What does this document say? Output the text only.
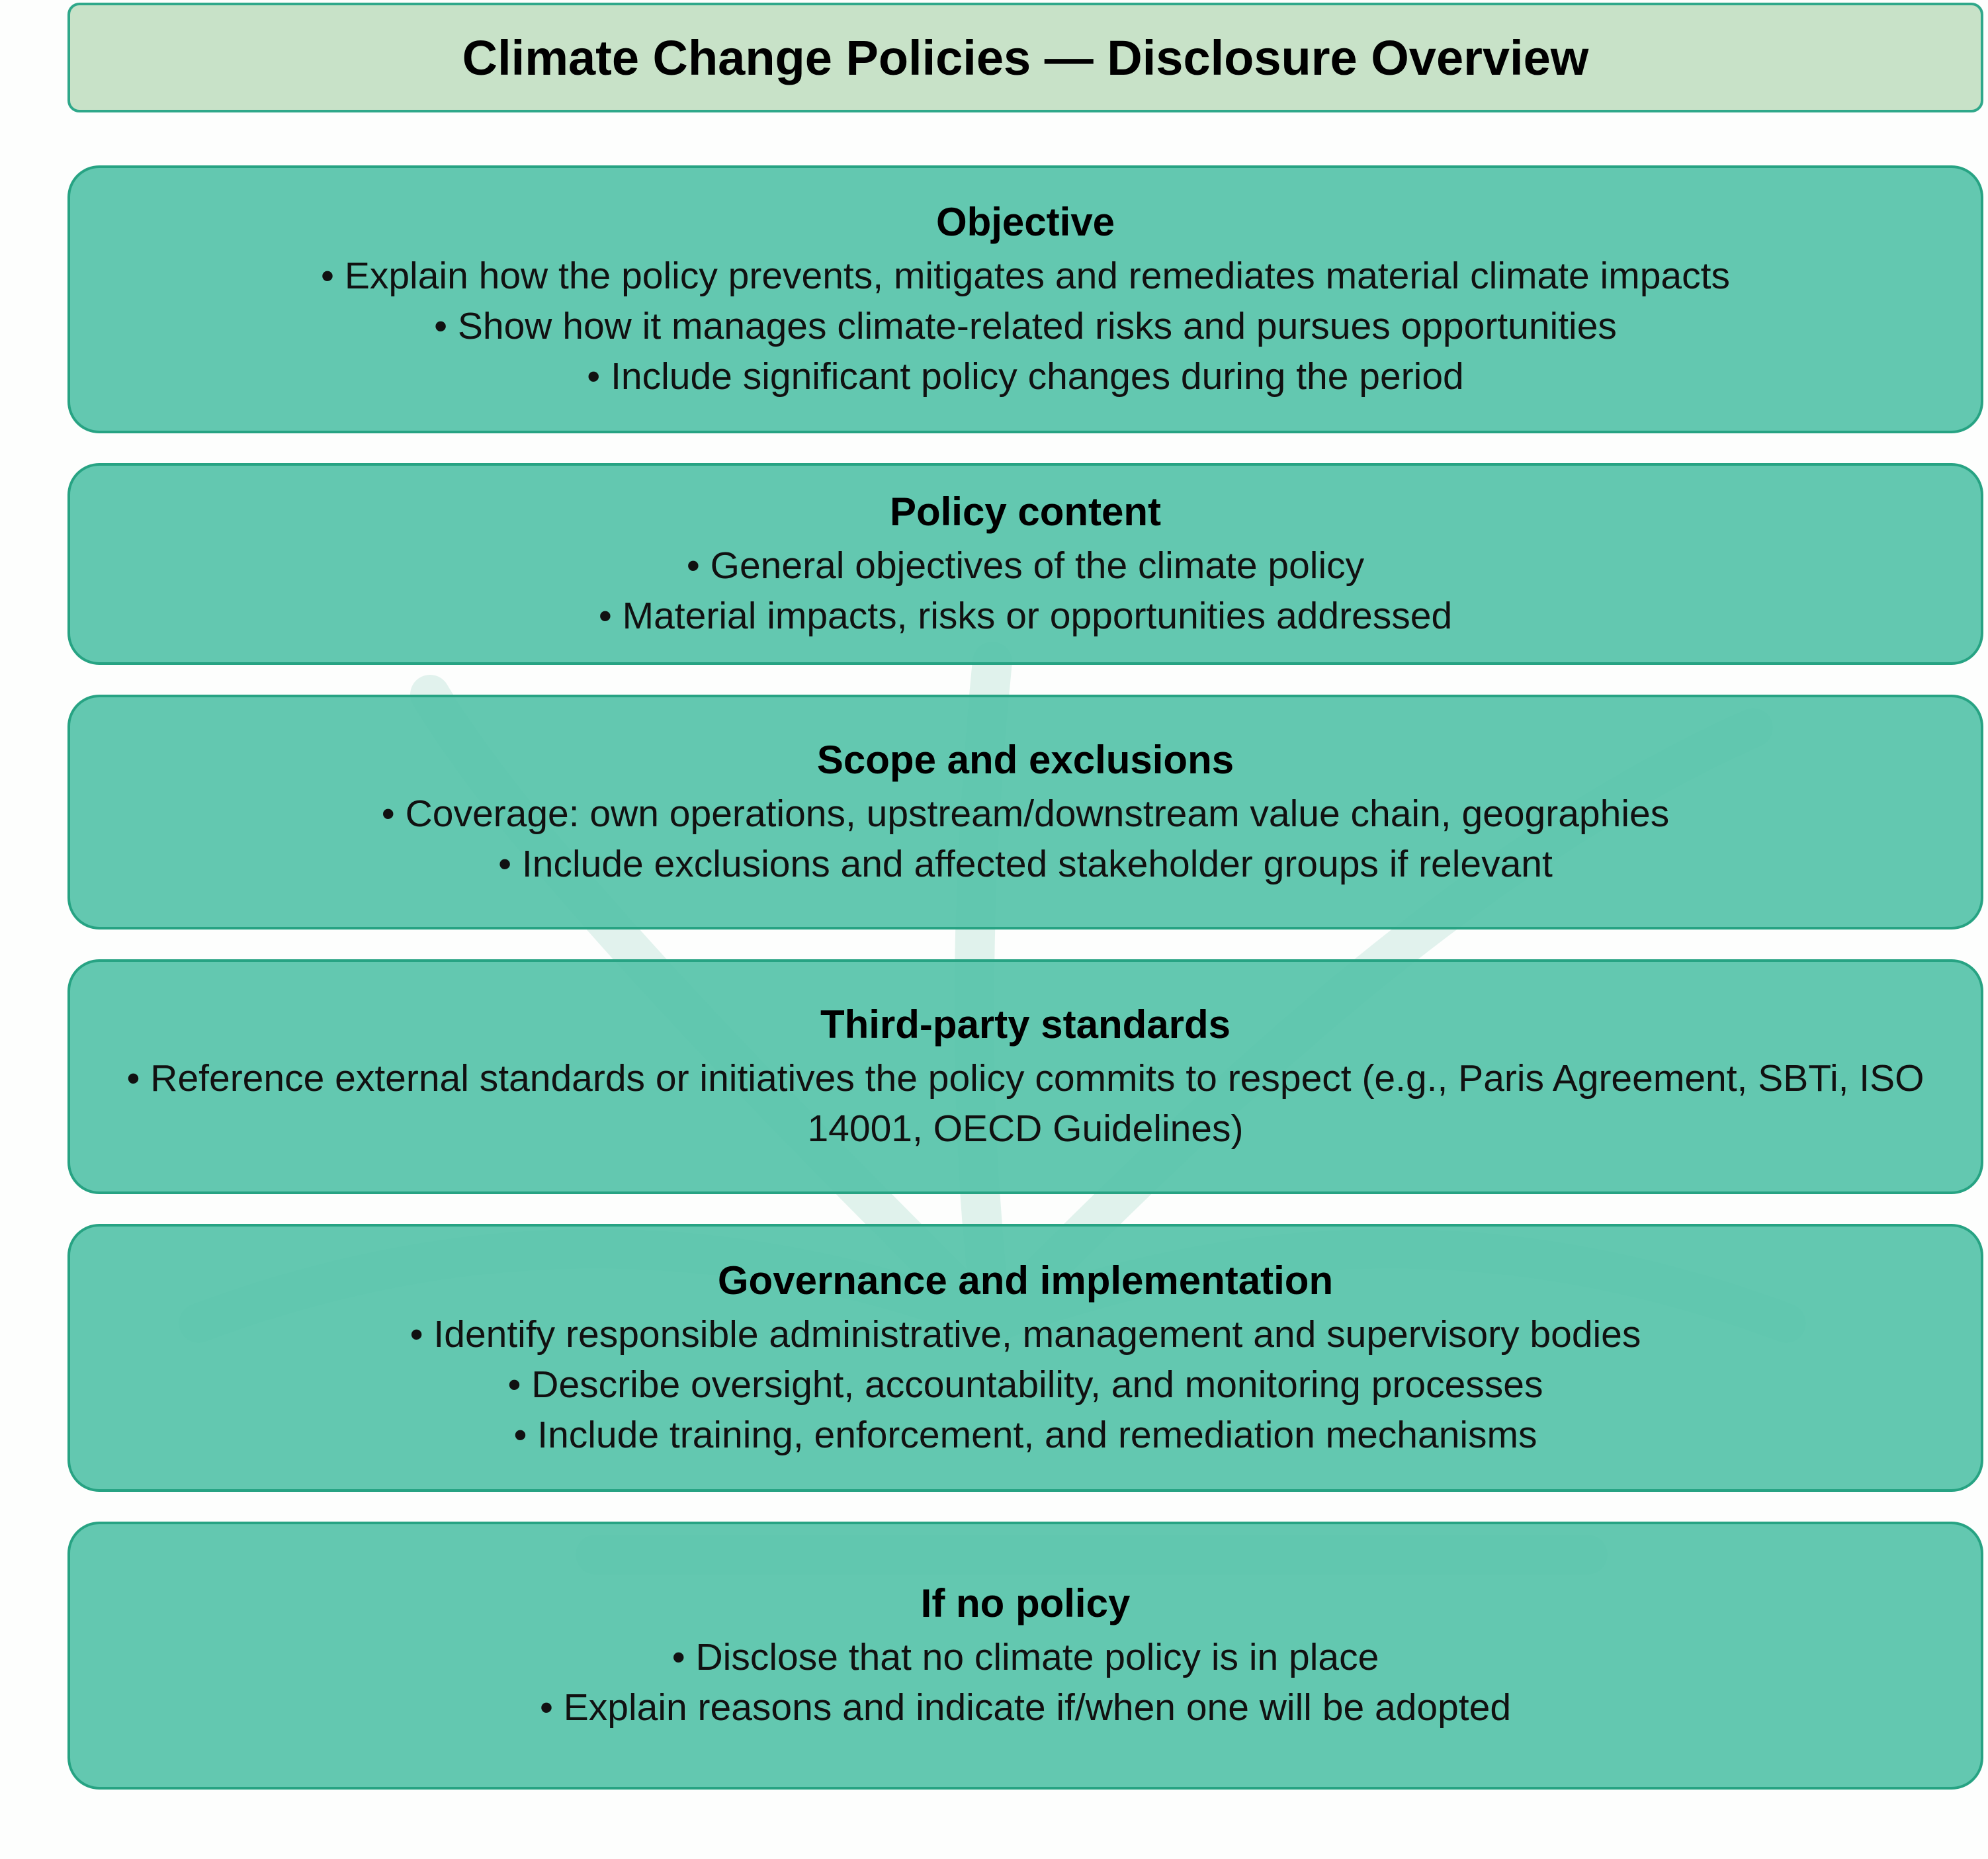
Climate Change Policies — Disclosure Overview
Objective
• Explain how the policy prevents, mitigates and remediates material climate impacts
• Show how it manages climate-related risks and pursues opportunities
• Include significant policy changes during the period
Policy content
• General objectives of the climate policy
• Material impacts, risks or opportunities addressed
Scope and exclusions
• Coverage: own operations, upstream/downstream value chain, geographies
• Include exclusions and affected stakeholder groups if relevant
Third-party standards
• Reference external standards or initiatives the policy commits to respect (e.g., Paris Agreement, SBTi, ISO 14001, OECD Guidelines)
Governance and implementation
• Identify responsible administrative, management and supervisory bodies
• Describe oversight, accountability, and monitoring processes
• Include training, enforcement, and remediation mechanisms
If no policy
• Disclose that no climate policy is in place
• Explain reasons and indicate if/when one will be adopted
